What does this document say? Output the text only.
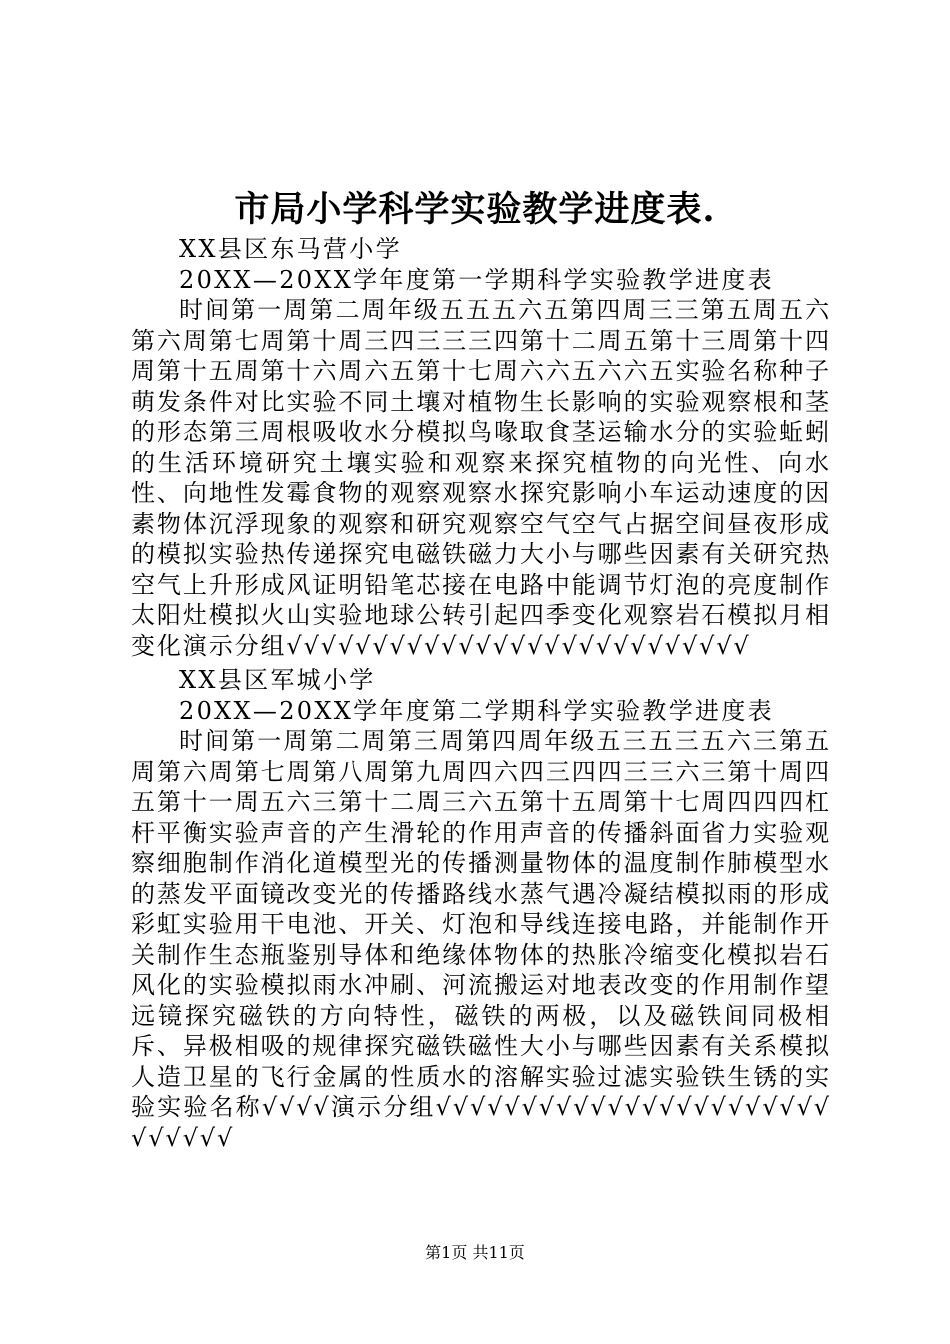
市局小学科学实验教学进度表.

XX县区东马营小学

20XX—20XX学年度第一学期科学实验教学进度表

时间第一周第二周年级五五五六五第四周三三第五周五六第六周第七周第十周三四三三三四第十二周五第十三周第十四周第十五周第十六周六五第十七周六六五六六五实验名称种子萌发条件对比实验不同土壤对植物生长影响的实验观察根和茎的形态第三周根吸收水分模拟鸟喙取食茎运输水分的实验蚯蚓的生活环境研究土壤实验和观察来探究植物的向光性、向水性、向地性发霉食物的观察观察水探究影响小车运动速度的因素物体沉浮现象的观察和研究观察空气空气占据空间昼夜形成的模拟实验热传递探究电磁铁磁力大小与哪些因素有关研究热空气上升形成风证明铅笔芯接在电路中能调节灯泡的亮度制作太阳灶模拟火山实验地球公转引起四季变化观察岩石模拟月相变化演示分组√√√√√√√√√√√√√√√√√√√√√√√√√√√

XX县区军城小学

20XX—20XX学年度第二学期科学实验教学进度表

时间第一周第二周第三周第四周年级五三五三五六三第五周第六周第七周第八周第九周四六四三四四三三六三第十周四五第十一周五六三第十二周三六五第十五周第十七周四四四杠杆平衡实验声音的产生滑轮的作用声音的传播斜面省力实验观察细胞制作消化道模型光的传播测量物体的温度制作肺模型水的蒸发平面镜改变光的传播路线水蒸气遇冷凝结模拟雨的形成彩虹实验用干电池、开关、灯泡和导线连接电路，并能制作开关制作生态瓶鉴别导体和绝缘体物体的热胀冷缩变化模拟岩石风化的实验模拟雨水冲刷、河流搬运对地表改变的作用制作望远镜探究磁铁的方向特性，磁铁的两极，以及磁铁间同极相斥、异极相吸的规律探究磁铁磁性大小与哪些因素有关系模拟人造卫星的飞行金属的性质水的溶解实验过滤实验铁生锈的实验实验名称√√√√演示分组√√√√√√√√√√√√√√√√√√√√√√√√√√√√√

第1页 共11页
